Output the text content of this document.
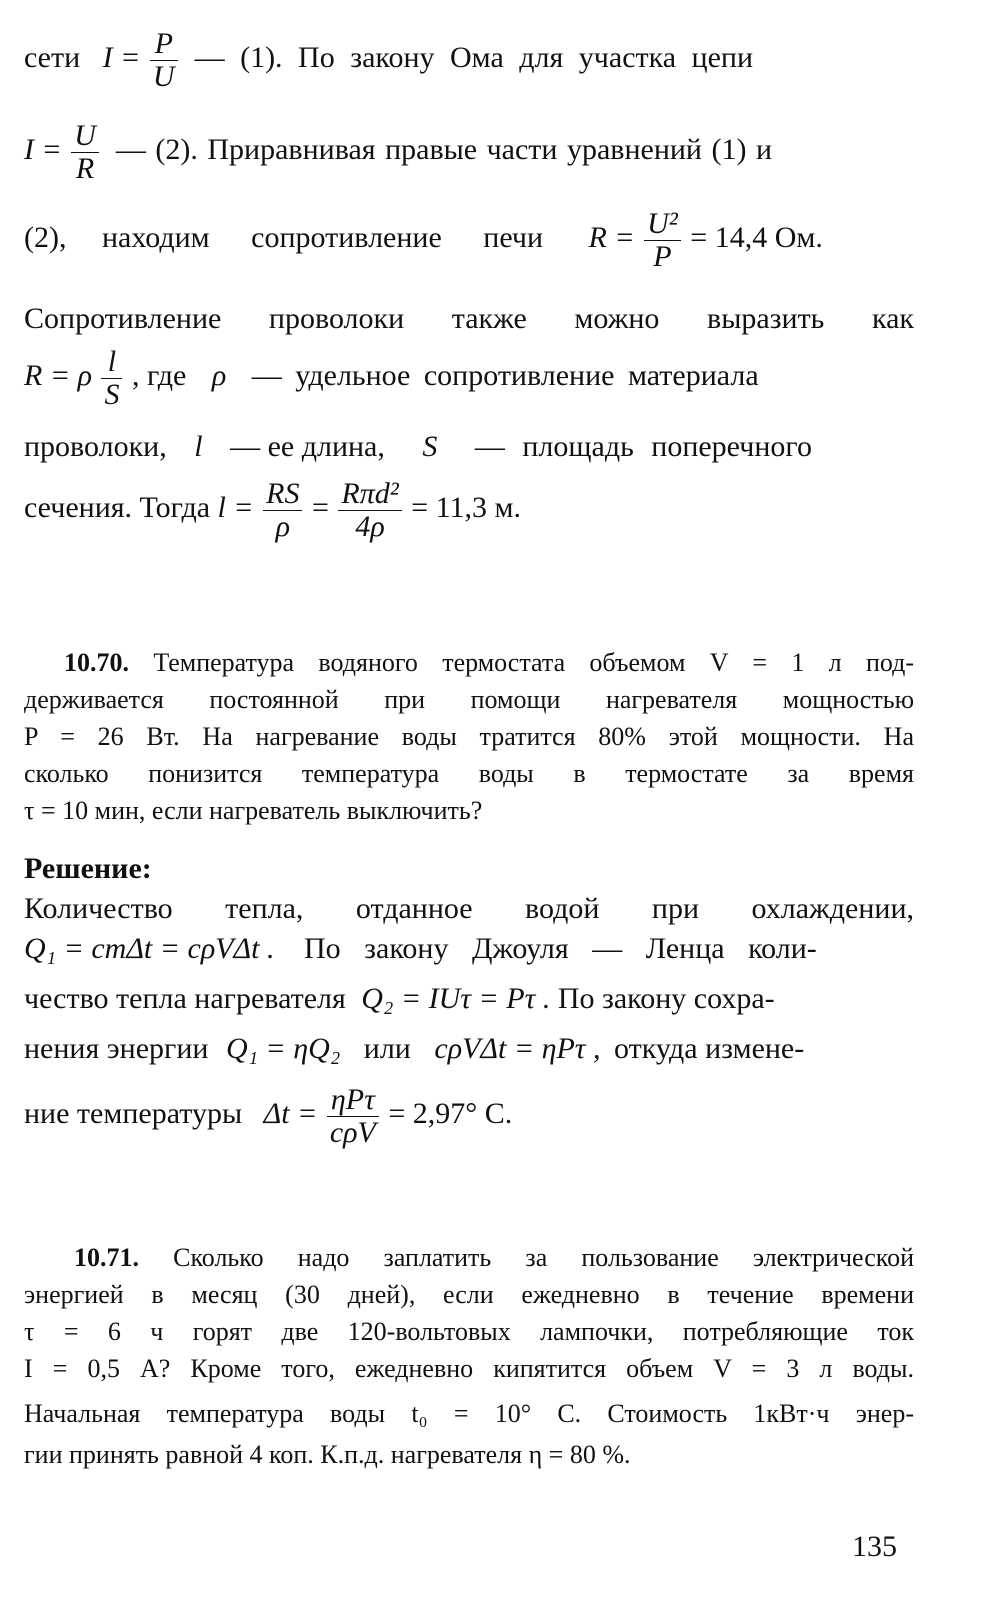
сети $I = \frac{P}{U}$ — (1). По закону Ома для участка цепи
$I = \frac{U}{R}$ — (2). Приравнивая правые части уравнений (1) и
(2), находим сопротивление печи $R = \frac{\text{U²}}{P} = 14,4$ Ом.
Сопротивление проволоки также можно выразить как
R = ρ $\frac{l}{S}$ , где ρ — удельное сопротивление материала
проволоки, l — ее длина, S — площадь поперечного
сечения. Тогда $l = \frac{RS}{\rho} = \frac{\text{Rπd²}}{4\rho} = 11,3$ м.
10.70. Температура водяного термостата объемом V = 1 л под-
держивается постоянной при помощи нагревателя мощностью
P = 26 Вт. На нагревание воды тратится 80% этой мощности. На
сколько понизится температура воды в термостате за время
τ = 10 мин, если нагреватель выключить?
Решение:
Количество тепла, отданное водой при охлаждении,
Q₁ = cmΔt = cρVΔt . По закону Джоуля — Ленца коли-
чество тепла нагревателя Q₂ = IUτ = Pτ . По закону сохра-
нения энергии Q₁ = ηQ₂ или cρVΔt = ηPτ , откуда измене-
ние температуры $\Delta t = \frac{\text{ηPτ}}{\text{cρV}} = 2,97^\circ$ С.
10.71. Сколько надо заплатить за пользование электрической
энергией в месяц (30 дней), если ежедневно в течение времени
τ = 6 ч горят две 120-вольтовых лампочки, потребляющие ток
I = 0,5 А? Кроме того, ежедневно кипятится объем V = 3 л воды.
Начальная температура воды t₀ = 10° С. Стоимость 1кВт·ч энер-
гии принять равной 4 коп. К.п.д. нагревателя η = 80 %.
135
